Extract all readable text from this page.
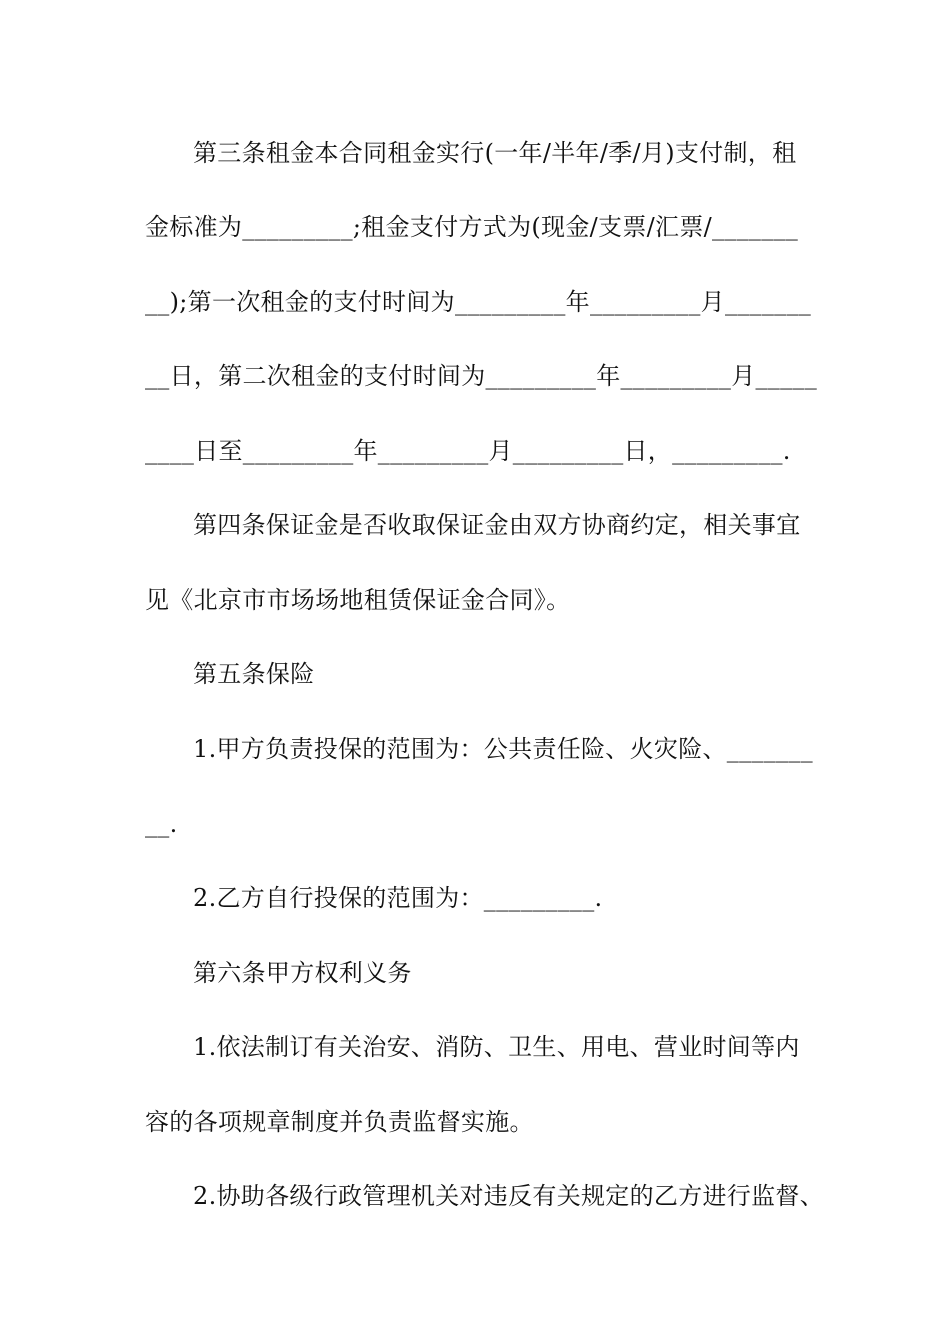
第三条租金本合同租金实行(一年/半年/季/月)支付制，租
金标准为_________;租金支付方式为(现金/支票/汇票/_______
__);第一次租金的支付时间为_________年_________月_______
__日，第二次租金的支付时间为_________年_________月_____
____日至_________年_________月_________日，_________.
第四条保证金是否收取保证金由双方协商约定，相关事宜
见《北京市市场场地租赁保证金合同》。
第五条保险
1.甲方负责投保的范围为：公共责任险、火灾险、_______
__.
2.乙方自行投保的范围为：_________.
第六条甲方权利义务
1.依法制订有关治安、消防、卫生、用电、营业时间等内
容的各项规章制度并负责监督实施。
2.协助各级行政管理机关对违反有关规定的乙方进行监督、
